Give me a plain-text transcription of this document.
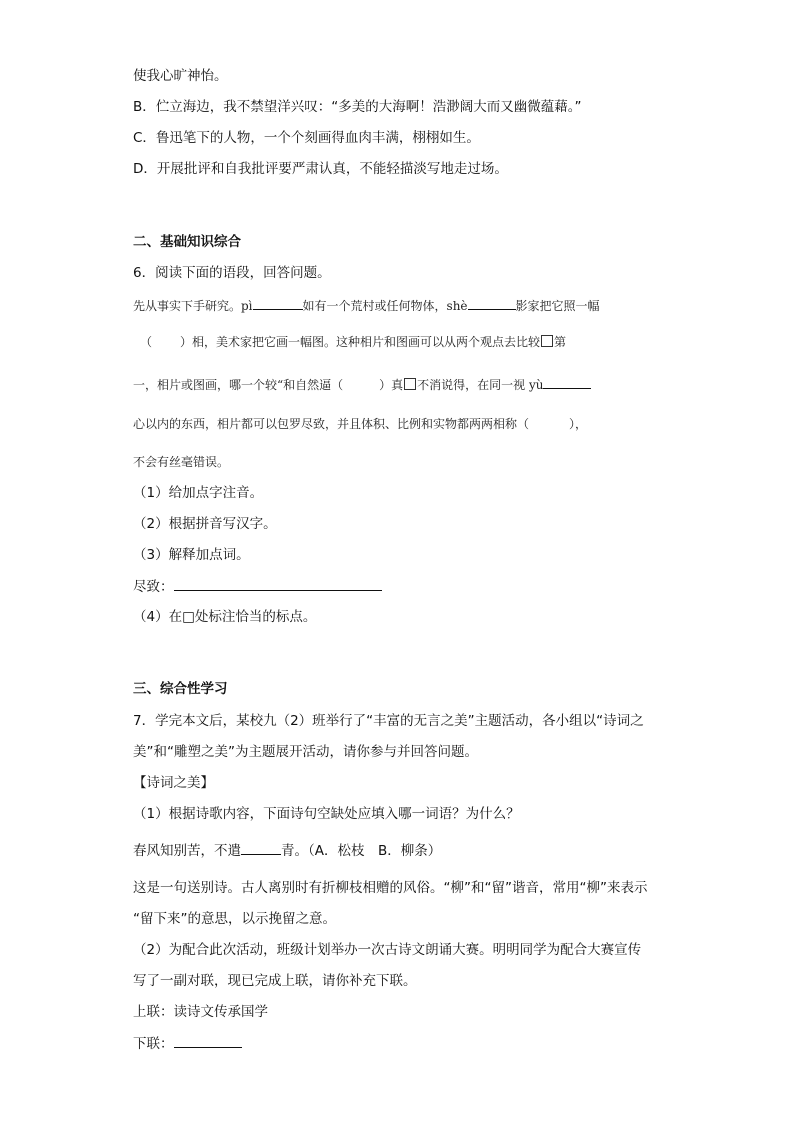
使我心旷神怡。
B．伫立海边，我不禁望洋兴叹：“多美的大海啊！浩渺阔大而又幽微蕴藉。”
C．鲁迅笔下的人物，一个个刻画得血肉丰满，栩栩如生。
D．开展批评和自我批评要严肃认真，不能轻描淡写地走过场。
二、基础知识综合
6．阅读下面的语段，回答问题。
先从事实下手研究。pì	如有一个荒村或任何物体，shè	影家把它照一幅
（ ）相，美术家把它画一幅图。这种相片和图画可以从两个观点去比较 第
一，相片或图画，哪一个较“和自然逼（	）真 不消说得，在同一视 yù
心以内的东西，相片都可以包罗尽致，并且体积、比例和实物都两两相称（	），
不会有丝毫错误。
（1）给加点字注音。
（2）根据拼音写汉字。
（3）解释加点词。
尽致：
（4）在□处标注恰当的标点。
三、综合性学习
7．学完本文后，某校九（2）班举行了“丰富的无言之美”主题活动，各小组以“诗词之
美”和“雕塑之美”为主题展开活动，请你参与并回答问题。
【诗词之美】
（1）根据诗歌内容，下面诗句空缺处应填入哪一词语？为什么？
春风知别苦，不遣	青。（A．松枝　B．柳条）
这是一句送别诗。古人离别时有折柳枝相赠的风俗。“柳”和“留”谐音，常用“柳”来表示
“留下来”的意思，以示挽留之意。
（2）为配合此次活动，班级计划举办一次古诗文朗诵大赛。明明同学为配合大赛宣传
写了一副对联，现已完成上联，请你补充下联。
上联：读诗文传承国学
下联：
